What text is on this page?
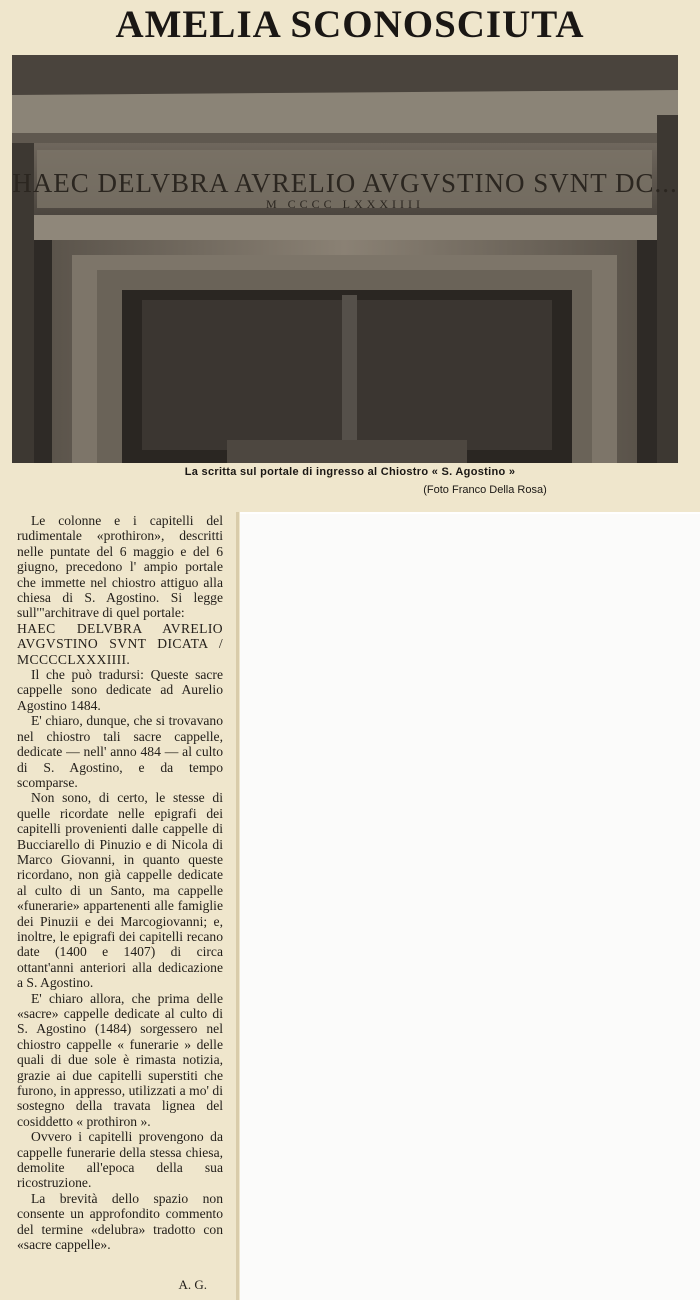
AMELIA SCONOSCIUTA
HAEC DELVBRA AVRELIO AVGVSTINO SVNT DC...
M CCCC LXXXIIII
La scritta sul portale di ingresso al Chiostro « S. Agostino »
(Foto Franco Della Rosa)

Le colonne e i capitelli del rudimentale «prothiron», descritti nelle puntate del 6 maggio e del 6 giugno, precedono l' ampio portale che immette nel chiostro attiguo alla chiesa di S. Agostino. Si legge sull'"architrave di quel portale:

HAEC DELVBRA AVRELIO AVGVSTINO SVNT DICATA / MCCCCLXXXIIII.

Il che può tradursi: Queste sacre cappelle sono dedicate ad Aurelio Agostino 1484.

E' chiaro, dunque, che si trovavano nel chiostro tali sacre cappelle, dedicate — nell' anno 484 — al culto di S. Agostino, e da tempo scomparse.

Non sono, di certo, le stesse di quelle ricordate nelle epigrafi dei capitelli provenienti dalle cappelle di Bucciarello di Pinuzio e di Nicola di Marco Giovanni, in quanto queste ricordano, non già cappelle dedicate al culto di un Santo, ma cappelle «funerarie» appartenenti alle famiglie dei Pinuzii e dei Marcogiovanni; e, inoltre, le epigrafi dei capitelli recano date (1400 e 1407) di circa ottant'anni anteriori alla dedicazione a S. Agostino.

E' chiaro allora, che prima delle «sacre» cappelle dedicate al culto di S. Agostino (1484) sorgessero nel chiostro cappelle « funerarie » delle quali di due sole è rimasta notizia, grazie ai due capitelli superstiti che furono, in appresso, utilizzati a mo' di sostegno della travata lignea del cosiddetto « prothiron ».

Ovvero i capitelli provengono da cappelle funerarie della stessa chiesa, demolite all'epoca della sua ricostruzione.

La brevità dello spazio non consente un approfondito commento del termine «delubra» tradotto con «sacre cappelle».

A. G.
